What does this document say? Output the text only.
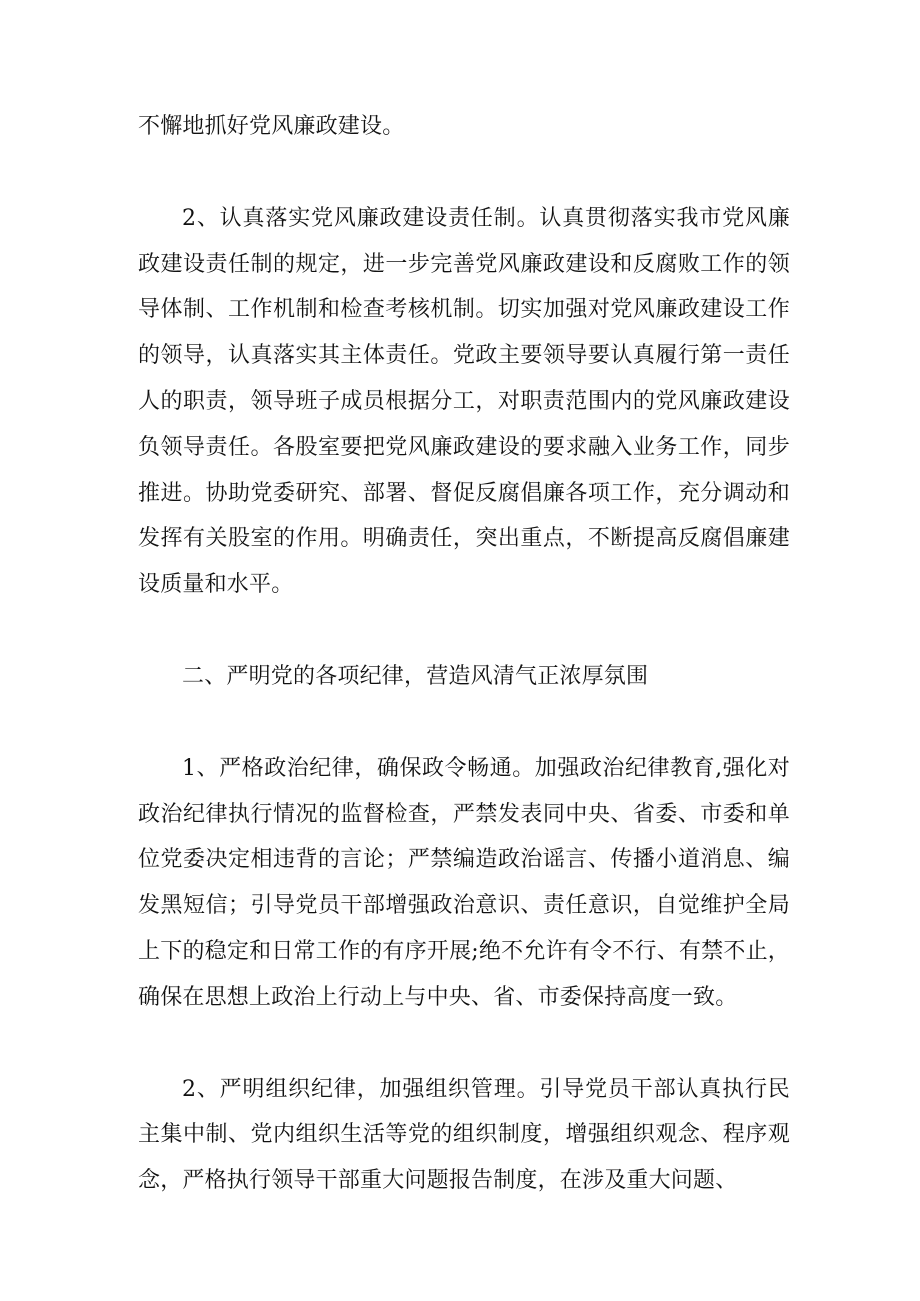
不懈地抓好党风廉政建设。

2、认真落实党风廉政建设责任制。认真贯彻落实我市党风廉政建设责任制的规定，进一步完善党风廉政建设和反腐败工作的领导体制、工作机制和检查考核机制。切实加强对党风廉政建设工作的领导，认真落实其主体责任。党政主要领导要认真履行第一责任人的职责，领导班子成员根据分工，对职责范围内的党风廉政建设负领导责任。各股室要把党风廉政建设的要求融入业务工作，同步推进。协助党委研究、部署、督促反腐倡廉各项工作，充分调动和发挥有关股室的作用。明确责任，突出重点，不断提高反腐倡廉建设质量和水平。

二、严明党的各项纪律，营造风清气正浓厚氛围

1、严格政治纪律，确保政令畅通。加强政治纪律教育,强化对政治纪律执行情况的监督检查，严禁发表同中央、省委、市委和单位党委决定相违背的言论；严禁编造政治谣言、传播小道消息、编发黑短信；引导党员干部增强政治意识、责任意识，自觉维护全局上下的稳定和日常工作的有序开展;绝不允许有令不行、有禁不止，确保在思想上政治上行动上与中央、省、市委保持高度一致。

2、严明组织纪律，加强组织管理。引导党员干部认真执行民主集中制、党内组织生活等党的组织制度，增强组织观念、程序观念，严格执行领导干部重大问题报告制度，在涉及重大问题、
